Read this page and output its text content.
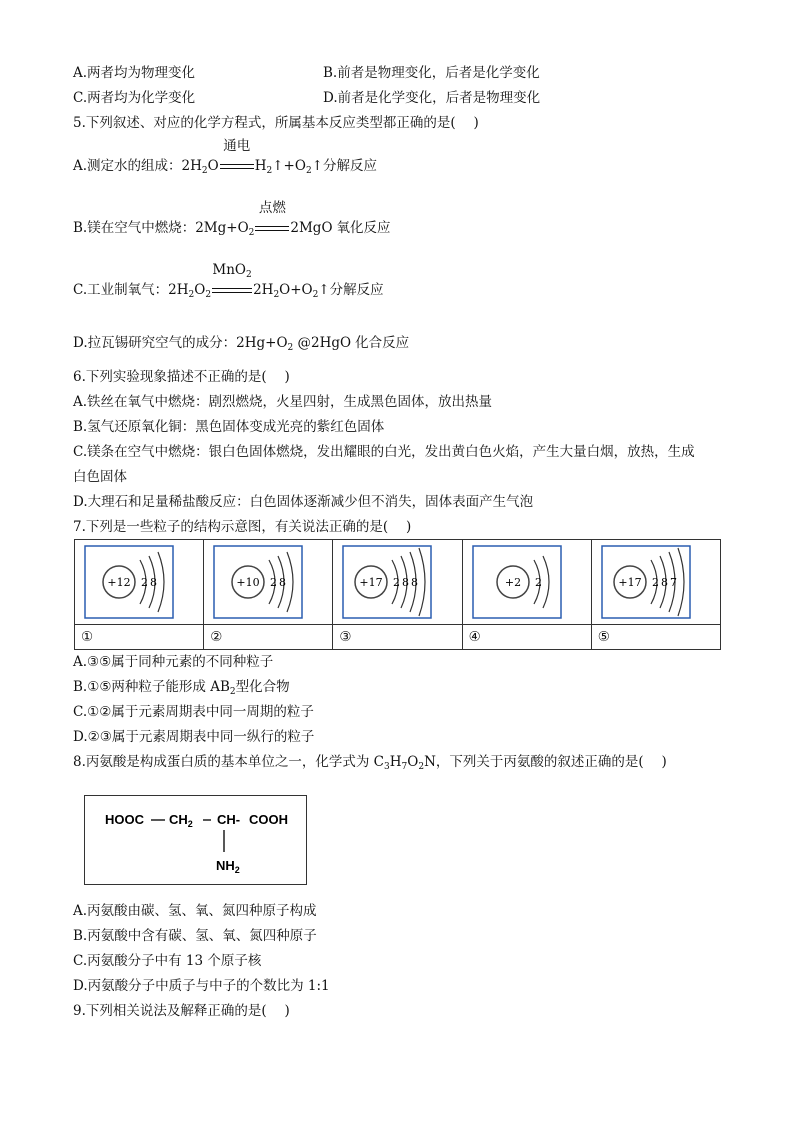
A.两者均为物理变化	B.前者是物理变化，后者是化学变化
C.两者均为化学变化	D.前者是化学变化，后者是物理变化
5.下列叙述、对应的化学方程式，所属基本反应类型都正确的是(　 )
A.测定水的组成：$2H_2O$
通电
$H_2↑+O_2↑$分解反应
B.镁在空气中燃烧：$2Mg+O_2$
点燃
2MgO 氧化反应
C.工业制氧气：$2H_2O_2$
MnO$_2$
$2H_2O+O_2↑$分解反应
D.拉瓦锡研究空气的成分：$2Hg+O_2$ @2HgO 化合反应
6.下列实验现象描述不正确的是(　 )
A.铁丝在氧气中燃烧：剧烈燃烧，火星四射，生成黑色固体，放出热量
B.氢气还原氧化铜：黑色固体变成光亮的紫红色固体
C.镁条在空气中燃烧：银白色固体燃烧，发出耀眼的白光，发出黄白色火焰，产生大量白烟，放热，生成
白色固体
D.大理石和足量稀盐酸反应：白色固体逐渐减少但不消失，固体表面产生气泡
7.下列是一些粒子的结构示意图，有关说法正确的是(　 )
+12 2 8	+10 2 8	+17 2 8 8	+2 2	+17 2 8 7

①	②	③	④	⑤
A.③⑤属于同种元素的不同种粒子
B.①⑤两种粒子能形成 $AB_2$型化合物
C.①②属于元素周期表中同一周期的粒子
D.②③属于元素周期表中同一纵行的粒子
8.丙氨酸是构成蛋白质的基本单位之一，化学式为 $C_3H_7O_2N$，下列关于丙氨酸的叙述正确的是(　 )
HOOC $CH_2$ CH- COOH
$NH_2$
A.丙氨酸由碳、氢、氧、氮四种原子构成
B.丙氨酸中含有碳、氢、氧、氮四种原子
C.丙氨酸分子中有 13 个原子核
D.丙氨酸分子中质子与中子的个数比为 1:1
9.下列相关说法及解释正确的是(　 )
